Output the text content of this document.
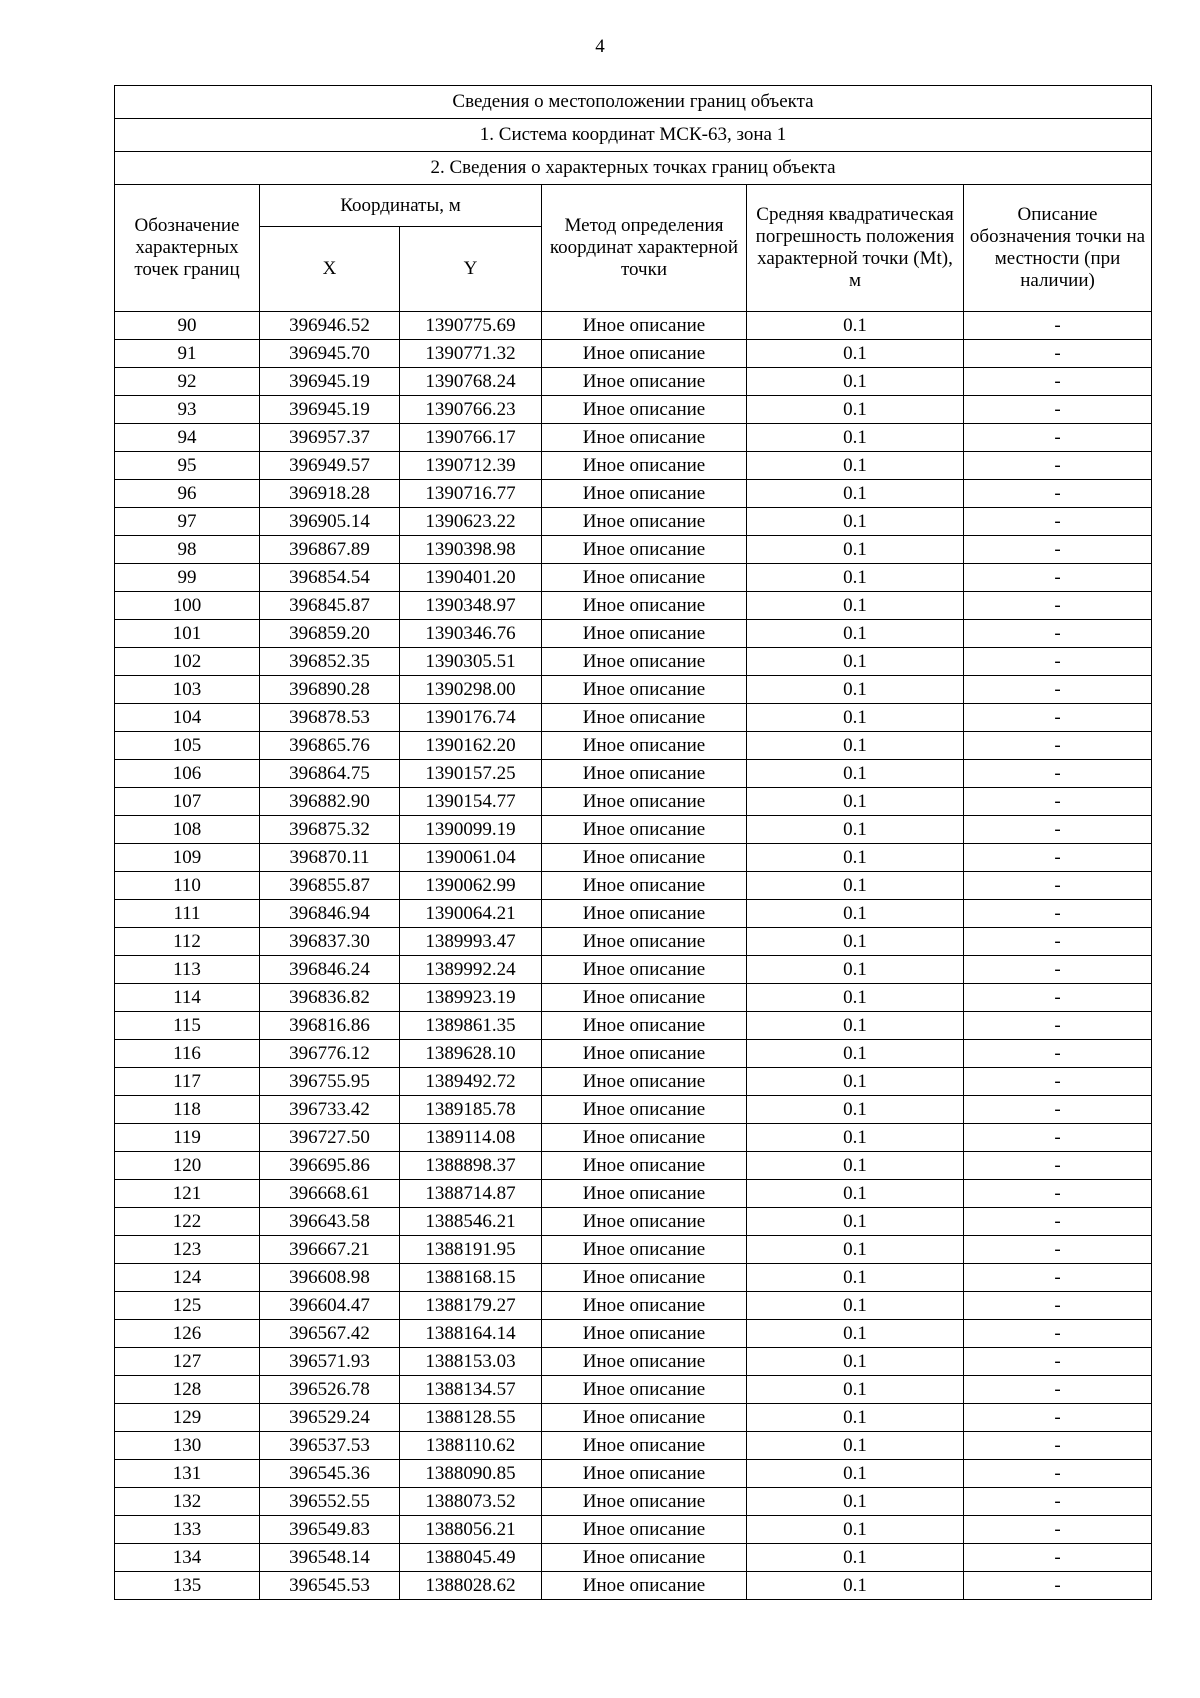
4
Сведения о местоположении границ объекта					
1. Система координат МСК-63, зона 1					
2. Сведения о характерных точках границ объекта					
Обозначение характерных точек границ	Координаты, м		Метод определения координат характерной точки	Средняя квадратическая погрешность положения характерной точки (Mt), м	Описание обозначения точки на местности (при наличии)
	X	Y			
90	396946.52	1390775.69	Иное описание	0.1	-
91	396945.70	1390771.32	Иное описание	0.1	-
92	396945.19	1390768.24	Иное описание	0.1	-
93	396945.19	1390766.23	Иное описание	0.1	-
94	396957.37	1390766.17	Иное описание	0.1	-
95	396949.57	1390712.39	Иное описание	0.1	-
96	396918.28	1390716.77	Иное описание	0.1	-
97	396905.14	1390623.22	Иное описание	0.1	-
98	396867.89	1390398.98	Иное описание	0.1	-
99	396854.54	1390401.20	Иное описание	0.1	-
100	396845.87	1390348.97	Иное описание	0.1	-
101	396859.20	1390346.76	Иное описание	0.1	-
102	396852.35	1390305.51	Иное описание	0.1	-
103	396890.28	1390298.00	Иное описание	0.1	-
104	396878.53	1390176.74	Иное описание	0.1	-
105	396865.76	1390162.20	Иное описание	0.1	-
106	396864.75	1390157.25	Иное описание	0.1	-
107	396882.90	1390154.77	Иное описание	0.1	-
108	396875.32	1390099.19	Иное описание	0.1	-
109	396870.11	1390061.04	Иное описание	0.1	-
110	396855.87	1390062.99	Иное описание	0.1	-
111	396846.94	1390064.21	Иное описание	0.1	-
112	396837.30	1389993.47	Иное описание	0.1	-
113	396846.24	1389992.24	Иное описание	0.1	-
114	396836.82	1389923.19	Иное описание	0.1	-
115	396816.86	1389861.35	Иное описание	0.1	-
116	396776.12	1389628.10	Иное описание	0.1	-
117	396755.95	1389492.72	Иное описание	0.1	-
118	396733.42	1389185.78	Иное описание	0.1	-
119	396727.50	1389114.08	Иное описание	0.1	-
120	396695.86	1388898.37	Иное описание	0.1	-
121	396668.61	1388714.87	Иное описание	0.1	-
122	396643.58	1388546.21	Иное описание	0.1	-
123	396667.21	1388191.95	Иное описание	0.1	-
124	396608.98	1388168.15	Иное описание	0.1	-
125	396604.47	1388179.27	Иное описание	0.1	-
126	396567.42	1388164.14	Иное описание	0.1	-
127	396571.93	1388153.03	Иное описание	0.1	-
128	396526.78	1388134.57	Иное описание	0.1	-
129	396529.24	1388128.55	Иное описание	0.1	-
130	396537.53	1388110.62	Иное описание	0.1	-
131	396545.36	1388090.85	Иное описание	0.1	-
132	396552.55	1388073.52	Иное описание	0.1	-
133	396549.83	1388056.21	Иное описание	0.1	-
134	396548.14	1388045.49	Иное описание	0.1	-
135	396545.53	1388028.62	Иное описание	0.1	-
